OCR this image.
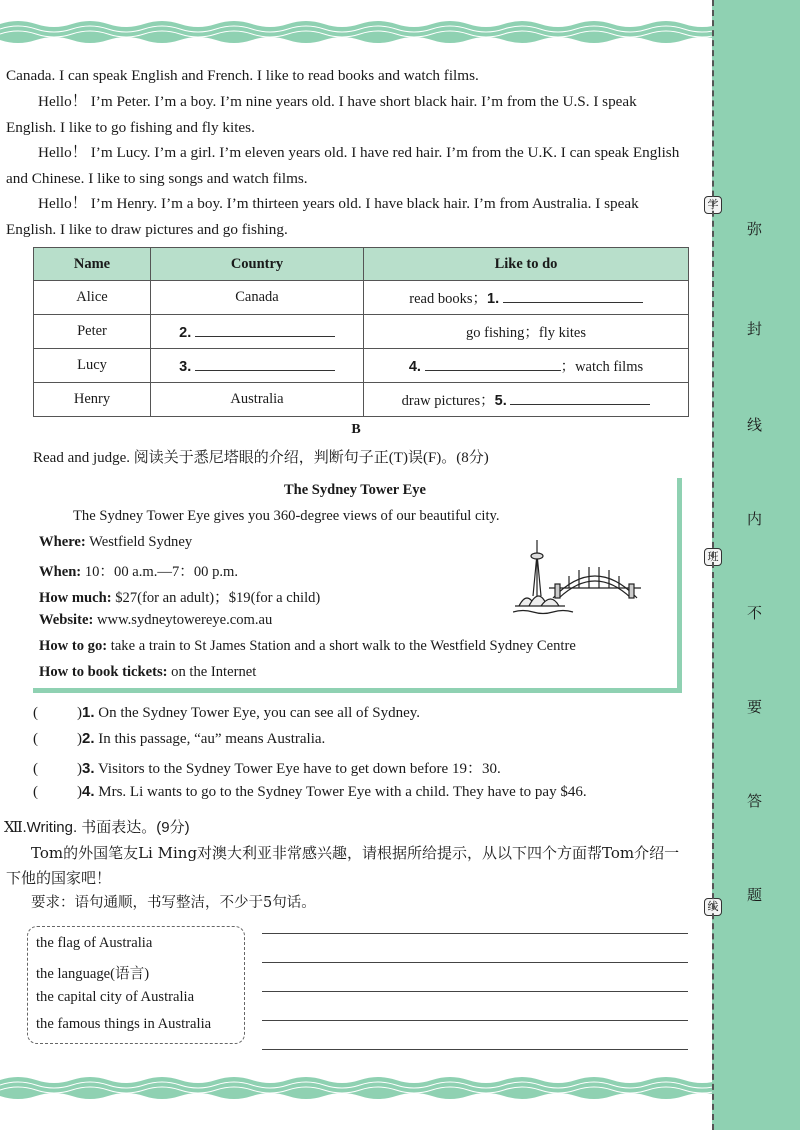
学
弥
封
线
内
班
不
要
答
线
题
Canada. I can speak English and French. I like to read books and watch films.
Hello！ I’m Peter. I’m a boy. I’m nine years old. I have short black hair. I’m from the U.S. I speak English. I like to go fishing and fly kites.
Hello！ I’m Lucy. I’m a girl. I’m eleven years old. I have red hair. I’m from the U.K. I can speak English and Chinese. I like to sing songs and watch films.
Hello！ I’m Henry. I’m a boy. I’m thirteen years old. I have black hair. I’m from Australia. I speak English. I like to draw pictures and go fishing.
Name	Country	Like to do
Alice	Canada	read books；1.
Peter	2.	go fishing；fly kites
Lucy	3.	4. ；watch films
Henry	Australia	draw pictures；5.
B
Read and judge. 阅读关于悉尼塔眼的介绍，判断句子正(T)误(F)。(8分)
The Sydney Tower Eye
The Sydney Tower Eye gives you 360-degree views of our beautiful city.
Where: Westfield Sydney
When: 10：00 a.m.—7：00 p.m.
How much: $27(for an adult)；$19(for a child)
Website: www.sydneytowereye.com.au
How to go: take a train to St James Station and a short walk to the Westfield Sydney Centre
How to book tickets: on the Internet
(	)1. On the Sydney Tower Eye, you can see all of Sydney.
(	)2. In this passage, “au” means Australia.
(	)3. Visitors to the Sydney Tower Eye have to get down before 19：30.
(	)4. Mrs. Li wants to go to the Sydney Tower Eye with a child. They have to pay $46.
Ⅻ.Writing. 书面表达。(9分)
Tom的外国笔友Li Ming对澳大利亚非常感兴趣，请根据所给提示，从以下四个方面帮Tom介绍一下他的国家吧！
要求：语句通顺，书写整洁，不少于5句话。
the flag of Australia
the language(语言)
the capital city of Australia
the famous things in Australia
